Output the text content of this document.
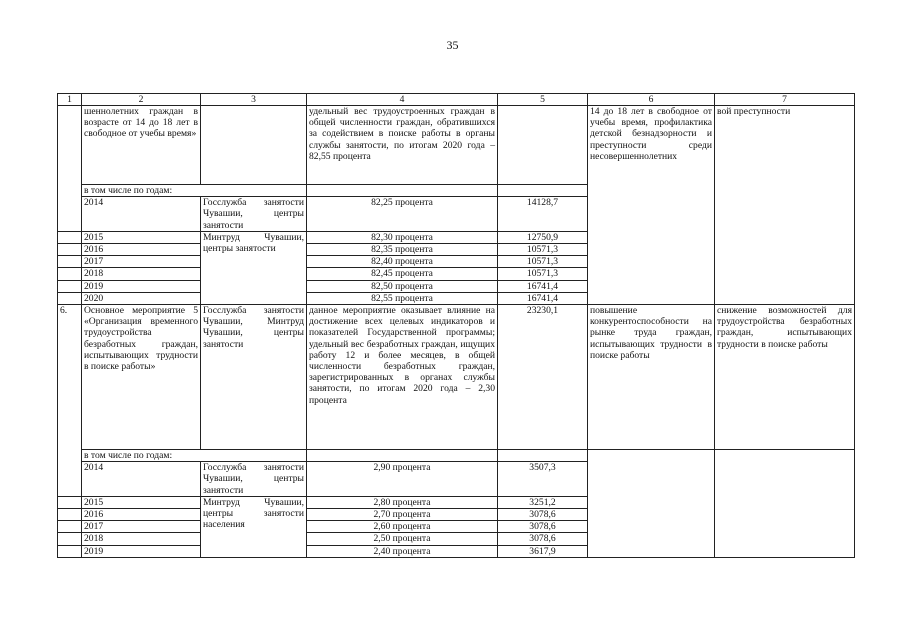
35
1	2	3	4	5	6	7
	шеннолетних граждан в возрасте от 14 до 18 лет в свободное от учебы время»		удельный вес трудоустроенных граждан в общей численности граждан, обратившихся за содействием в поиске работы в органы службы занятости, по итогам 2020 года – 82,55 процента		14 до 18 лет в свободное от учебы время, профилактика детской безнадзорности и преступности среди несовершеннолетних	вой преступности
	в том числе по годам:					
	2014	Госслужба занятости Чувашии, центры занятости	82,25 процента	14128,7		
	2015	Минтруд Чувашии, центры занятости	82,30 процента	12750,9		
	2016		82,35 процента	10571,3		
	2017		82,40 процента	10571,3		
	2018		82,45 процента	10571,3		
	2019		82,50 процента	16741,4		
	2020		82,55 процента	16741,4		
6.	Основное мероприятие 5 «Организация временного трудоустройства безработных граждан, испытывающих трудности в поиске работы»	Госслужба занятости Чувашии, Минтруд Чувашии, центры занятости	данное мероприятие оказывает влияние на достижение всех целевых индикаторов и показателей Государственной программы; удельный вес безработных граждан, ищущих работу 12 и более месяцев, в общей численности безработных граждан, зарегистрированных в органах службы занятости, по итогам 2020 года – 2,30 процента	23230,1	повышение конкурентоспособности на рынке труда граждан, испытывающих трудности в поиске работы	снижение возможностей для трудоустройства безработных граждан, испытывающих трудности в поиске работы
	в том числе по годам:					
	2014	Госслужба занятости Чувашии, центры занятости	2,90 процента	3507,3		
	2015	Минтруд Чувашии, центры занятости населения	2,80 процента	3251,2		
	2016		2,70 процента	3078,6		
	2017		2,60 процента	3078,6		
	2018		2,50 процента	3078,6		
	2019		2,40 процента	3617,9		
